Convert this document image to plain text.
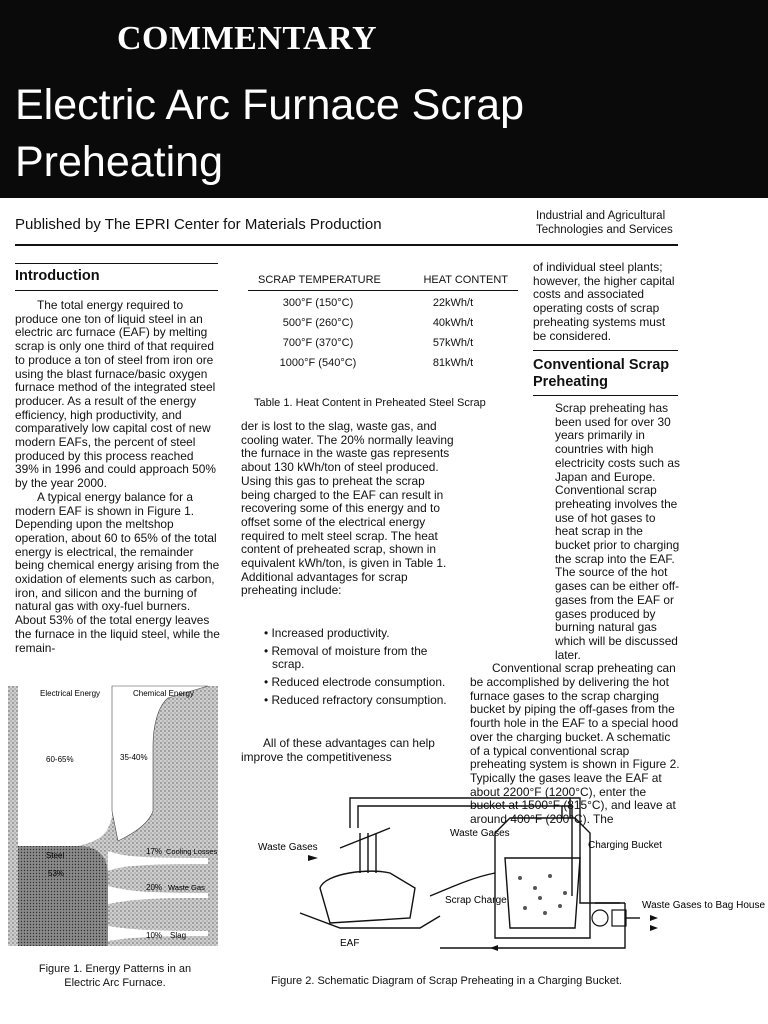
COMMENTARY
Electric Arc Furnace Scrap
Preheating
Published by The EPRI Center for Materials Production	Industrial and Agricultural
Technologies and Services
Introduction

The total energy required to produce one ton of liquid steel in an electric arc furnace (EAF) by melting scrap is only one third of that required to produce a ton of steel from iron ore using the blast furnace/basic oxygen furnace method of the integrated steel producer. As a result of the energy efficiency, high productivity, and comparatively low capital cost of new modern EAFs, the percent of steel produced by this process reached 39% in 1996 and could approach 50% by the year 2000.

A typical energy balance for a modern EAF is shown in Figure 1. Depending upon the meltshop operation, about 60 to 65% of the total energy is electrical, the remainder being chemical energy arising from the oxidation of elements such as carbon, iron, and silicon and the burning of natural gas with oxy-fuel burners. About 53% of the total energy leaves the furnace in the liquid steel, while the remain-

SCRAP TEMPERATURE	HEAT CONTENT
300°F (150°C)	22kWh/t
500°F (260°C)	40kWh/t
700°F (370°C)	57kWh/t
1000°F (540°C)	81kWh/t
Table 1. Heat Content in Preheated Steel Scrap

der is lost to the slag, waste gas, and cooling water. The 20% normally leaving the furnace in the waste gas represents about 130 kWh/ton of steel produced. Using this gas to preheat the scrap being charged to the EAF can result in recovering some of this energy and to offset some of the electrical energy required to melt steel scrap. The heat content of preheated scrap, shown in equivalent kWh/ton, is given in Table 1. Additional advantages for scrap preheating include:

• Increased productivity.
• Removal of moisture from the scrap.
• Reduced electrode consumption.
• Reduced refractory consumption.

All of these advantages can help improve the competitiveness

of individual steel plants; however, the higher capital costs and associated operating costs of scrap preheating systems must be considered.

Conventional Scrap Preheating

Scrap preheating has been used for over 30 years primarily in countries with high electricity costs such as Japan and Europe. Conventional scrap preheating involves the use of hot gases to heat scrap in the bucket prior to charging the scrap into the EAF. The source of the hot gases can be either off-gases from the EAF or gases produced by burning natural gas which will be discussed later.

Conventional scrap preheating can be accomplished by delivering the hot furnace gases to the scrap charging bucket by piping the off-gases from the fourth hole in the EAF to a special hood over the charging bucket. A schematic of a typical conventional scrap preheating system is shown in Figure 2. Typically the gases leave the EAF at about 2200°F (1200°C), enter the bucket at 1500°F (815°C), and leave at around 400°F (200°C). The

Electrical Energy	Chemical Energy
60-65%	35-40%
Steel
53%
17% Cooling Losses
20% Waste Gas
10% Slag
Figure 1. Energy Patterns in an
Electric Arc Furnace.
Waste Gases
Waste Gases
Charging Bucket
Scrap Charge
EAF
Waste Gases to Bag House
Figure 2. Schematic Diagram of Scrap Preheating in a Charging Bucket.
